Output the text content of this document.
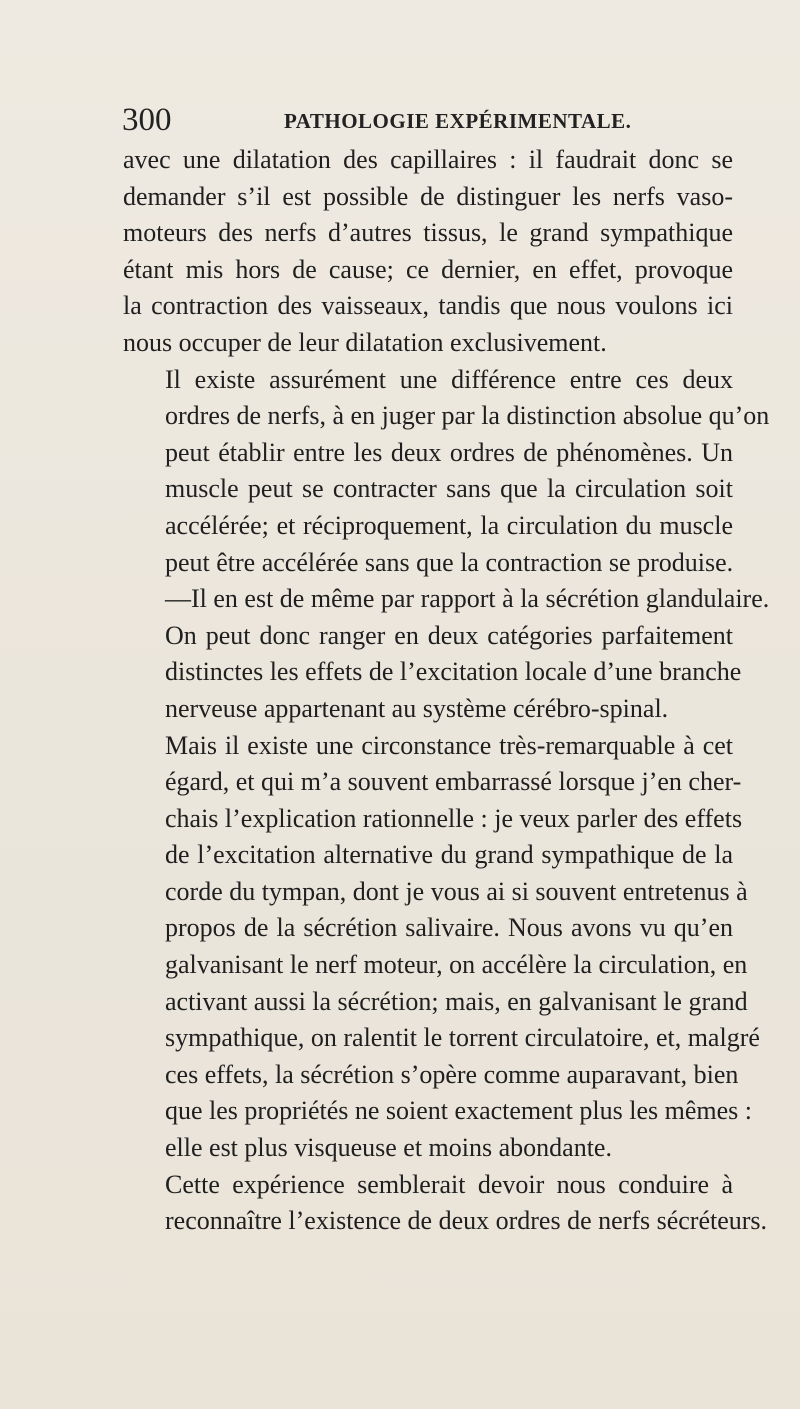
300	PATHOLOGIE EXPÉRIMENTALE.
avec une dilatation des capillaires : il faudrait donc se
demander s’il est possible de distinguer les nerfs vaso-
moteurs des nerfs d’autres tissus, le grand sympathique
étant mis hors de cause; ce dernier, en effet, provoque
la contraction des vaisseaux, tandis que nous voulons ici
nous occuper de leur dilatation exclusivement.
Il existe assurément une différence entre ces deux
ordres de nerfs, à en juger par la distinction absolue qu’on
peut établir entre les deux ordres de phénomènes. Un
muscle peut se contracter sans que la circulation soit
accélérée; et réciproquement, la circulation du muscle
peut être accélérée sans que la contraction se produise.
—Il en est de même par rapport à la sécrétion glandulaire.
On peut donc ranger en deux catégories parfaitement
distinctes les effets de l’excitation locale d’une branche
nerveuse appartenant au système cérébro-spinal.
Mais il existe une circonstance très-remarquable à cet
égard, et qui m’a souvent embarrassé lorsque j’en cher-
chais l’explication rationnelle : je veux parler des effets
de l’excitation alternative du grand sympathique de la
corde du tympan, dont je vous ai si souvent entretenus à
propos de la sécrétion salivaire. Nous avons vu qu’en
galvanisant le nerf moteur, on accélère la circulation, en
activant aussi la sécrétion; mais, en galvanisant le grand
sympathique, on ralentit le torrent circulatoire, et, malgré
ces effets, la sécrétion s’opère comme auparavant, bien
que les propriétés ne soient exactement plus les mêmes :
elle est plus visqueuse et moins abondante.
Cette expérience semblerait devoir nous conduire à
reconnaître l’existence de deux ordres de nerfs sécréteurs.
